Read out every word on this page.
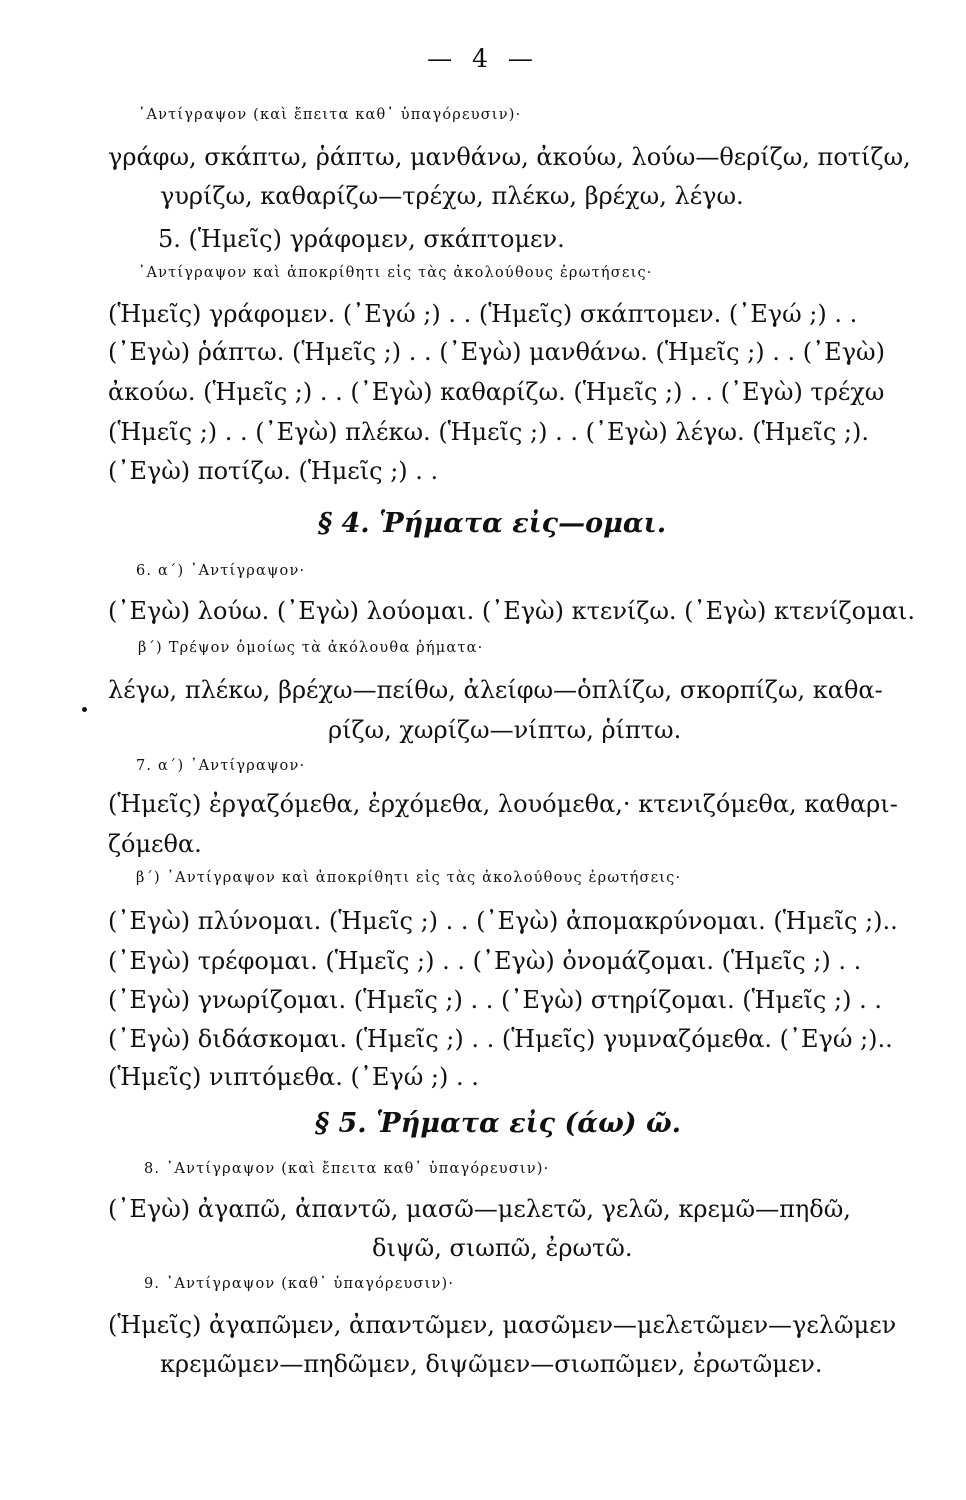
— 4 —
᾿Αντίγραψον (καὶ ἔπειτα καθ᾿ ὑπαγόρευσιν)·
γράφω, σκάπτω, ῥάπτω, μανθάνω, ἀκούω, λούω—θερίζω, ποτίζω,
γυρίζω, καθαρίζω—τρέχω, πλέκω, βρέχω, λέγω.
5. (Ἡμεῖς) γράφομεν, σκάπτομεν.
᾿Αντίγραψον καὶ ἀποκρίθητι εἰς τὰς ἀκολούθους ἐρωτήσεις·
(Ἡμεῖς) γράφομεν. (᾿Εγώ ;) . . (Ἡμεῖς) σκάπτομεν. (᾿Εγώ ;) . .
(᾿Εγὼ) ῥάπτω. (Ἡμεῖς ;) . . (᾿Εγὼ) μανθάνω. (Ἡμεῖς ;) . . (᾿Εγὼ)
ἀκούω. (Ἡμεῖς ;) . . (᾿Εγὼ) καθαρίζω. (Ἡμεῖς ;) . . (᾿Εγὼ) τρέχω
(Ἡμεῖς ;) . . (᾿Εγὼ) πλέκω. (Ἡμεῖς ;) . . (᾿Εγὼ) λέγω. (Ἡμεῖς ;).
(᾿Εγὼ) ποτίζω. (Ἡμεῖς ;) . .
§ 4. Ῥήματα εἰς—ομαι.
6. α΄) ᾿Αντίγραψον·
(᾿Εγὼ) λούω. (᾿Εγὼ) λούομαι. (᾿Εγὼ) κτενίζω. (᾿Εγὼ) κτενίζομαι.
β΄) Τρέψον ὁμοίως τὰ ἀκόλουθα ῥήματα·
λέγω, πλέκω, βρέχω—πείθω, ἀλείφω—ὁπλίζω, σκορπίζω, καθα-
ρίζω, χωρίζω—νίπτω, ῥίπτω.
7. α΄) ᾿Αντίγραψον·
(Ἡμεῖς) ἐργαζόμεθα, ἐρχόμεθα, λουόμεθα,· κτενιζόμεθα, καθαρι-
ζόμεθα.
β΄) ᾿Αντίγραψον καὶ ἀποκρίθητι εἰς τὰς ἀκολούθους ἐρωτήσεις·
(᾿Εγὼ) πλύνομαι. (Ἡμεῖς ;) . . (᾿Εγὼ) ἀπομακρύνομαι. (Ἡμεῖς ;)..
(᾿Εγὼ) τρέφομαι. (Ἡμεῖς ;) . . (᾿Εγὼ) ὀνομάζομαι. (Ἡμεῖς ;) . .
(᾿Εγὼ) γνωρίζομαι. (Ἡμεῖς ;) . . (᾿Εγὼ) στηρίζομαι. (Ἡμεῖς ;) . .
(᾿Εγὼ) διδάσκομαι. (Ἡμεῖς ;) . . (Ἡμεῖς) γυμναζόμεθα. (᾿Εγώ ;)..
(Ἡμεῖς) νιπτόμεθα. (᾿Εγώ ;) . .
§ 5. Ῥήματα εἰς (άω) ῶ.
8. ᾿Αντίγραψον (καὶ ἔπειτα καθ᾿ ὑπαγόρευσιν)·
(᾿Εγὼ) ἀγαπῶ, ἀπαντῶ, μασῶ—μελετῶ, γελῶ, κρεμῶ—πηδῶ,
διψῶ, σιωπῶ, ἐρωτῶ.
9. ᾿Αντίγραψον (καθ᾿ ὑπαγόρευσιν)·
(Ἡμεῖς) ἀγαπῶμεν, ἀπαντῶμεν, μασῶμεν—μελετῶμεν—γελῶμεν
κρεμῶμεν—πηδῶμεν, διψῶμεν—σιωπῶμεν, ἐρωτῶμεν.
